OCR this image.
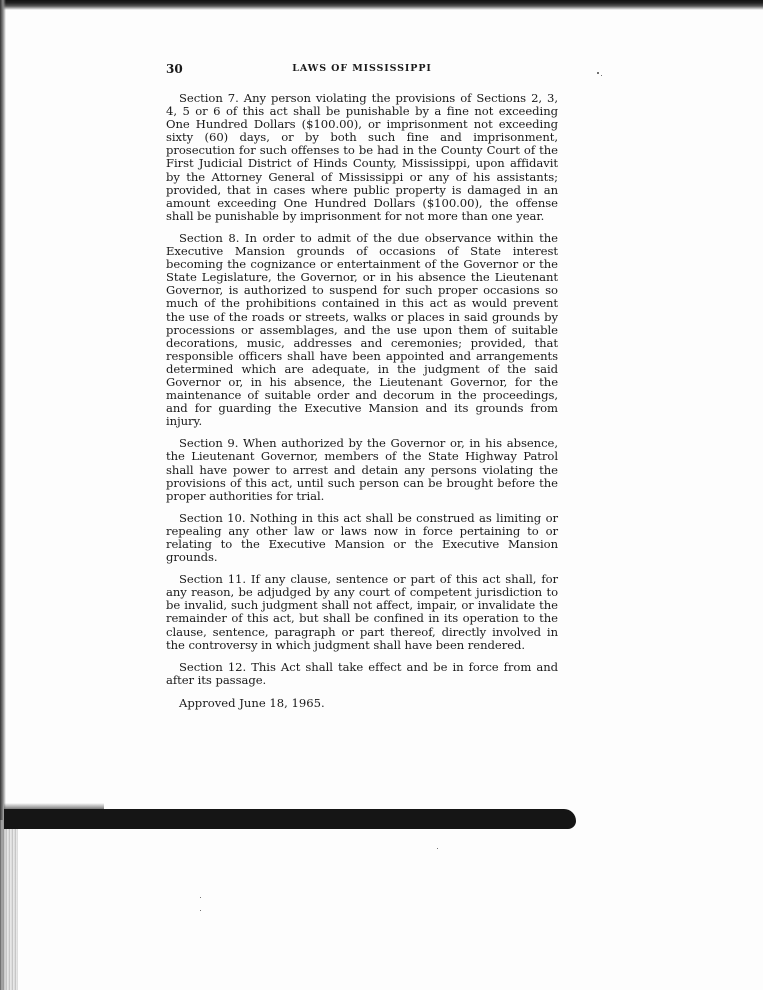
30	LAWS OF MISSISSIPPI

Section 7. Any person violating the provisions of Sections 2, 3, 4, 5 or 6 of this act shall be punishable by a fine not exceeding One Hundred Dollars ($100.00), or imprisonment not exceeding sixty (60) days, or by both such fine and imprisonment, prosecution for such offenses to be had in the County Court of the First Judicial District of Hinds County, Mississippi, upon affidavit by the Attorney General of Mississippi or any of his assistants; provided, that in cases where public property is damaged in an amount exceeding One Hundred Dollars ($100.00), the offense shall be punishable by imprisonment for not more than one year.

Section 8. In order to admit of the due observance within the Executive Mansion grounds of occasions of State interest becoming the cognizance or entertainment of the Governor or the State Legislature, the Governor, or in his absence the Lieutenant Governor, is authorized to suspend for such proper occasions so much of the prohibitions contained in this act as would prevent the use of the roads or streets, walks or places in said grounds by processions or assemblages, and the use upon them of suitable decorations, music, addresses and ceremonies; provided, that responsible officers shall have been appointed and arrangements determined which are adequate, in the judgment of the said Governor or, in his absence, the Lieutenant Governor, for the maintenance of suitable order and decorum in the proceedings, and for guarding the Executive Mansion and its grounds from injury.

Section 9. When authorized by the Governor or, in his absence, the Lieutenant Governor, members of the State Highway Patrol shall have power to arrest and detain any persons violating the provisions of this act, until such person can be brought before the proper authorities for trial.

Section 10. Nothing in this act shall be construed as limiting or repealing any other law or laws now in force pertaining to or relating to the Executive Mansion or the Executive Mansion grounds.

Section 11. If any clause, sentence or part of this act shall, for any reason, be adjudged by any court of competent jurisdiction to be invalid, such judgment shall not affect, impair, or invalidate the remainder of this act, but shall be confined in its operation to the clause, sentence, paragraph or part thereof, directly involved in the controversy in which judgment shall have been rendered.

Section 12. This Act shall take effect and be in force from and after its passage.

Approved June 18, 1965.
